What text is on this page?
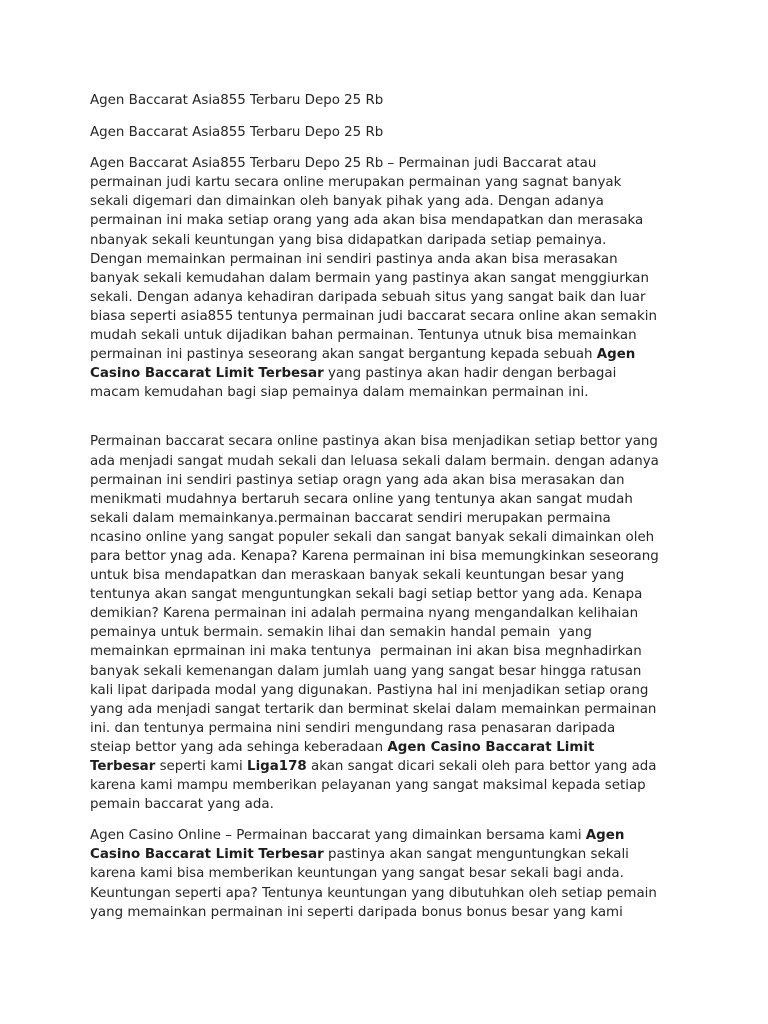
Agen Baccarat Asia855 Terbaru Depo 25 Rb

Agen Baccarat Asia855 Terbaru Depo 25 Rb

Agen Baccarat Asia855 Terbaru Depo 25 Rb – Permainan judi Baccarat atau

permainan judi kartu secara online merupakan permainan yang sagnat banyak

sekali digemari dan dimainkan oleh banyak pihak yang ada. Dengan adanya

permainan ini maka setiap orang yang ada akan bisa mendapatkan dan merasaka

nbanyak sekali keuntungan yang bisa didapatkan daripada setiap pemainya.

Dengan memainkan permainan ini sendiri pastinya anda akan bisa merasakan

banyak sekali kemudahan dalam bermain yang pastinya akan sangat menggiurkan

sekali. Dengan adanya kehadiran daripada sebuah situs yang sangat baik dan luar

biasa seperti asia855 tentunya permainan judi baccarat secara online akan semakin

mudah sekali untuk dijadikan bahan permainan. Tentunya utnuk bisa memainkan

permainan ini pastinya seseorang akan sangat bergantung kepada sebuah Agen

Casino Baccarat Limit Terbesar yang pastinya akan hadir dengan berbagai

macam kemudahan bagi siap pemainya dalam memainkan permainan ini.

Permainan baccarat secara online pastinya akan bisa menjadikan setiap bettor yang

ada menjadi sangat mudah sekali dan leluasa sekali dalam bermain. dengan adanya

permainan ini sendiri pastinya setiap oragn yang ada akan bisa merasakan dan

menikmati mudahnya bertaruh secara online yang tentunya akan sangat mudah

sekali dalam memainkanya.permainan baccarat sendiri merupakan permaina

ncasino online yang sangat populer sekali dan sangat banyak sekali dimainkan oleh

para bettor ynag ada. Kenapa? Karena permainan ini bisa memungkinkan seseorang

untuk bisa mendapatkan dan meraskaan banyak sekali keuntungan besar yang

tentunya akan sangat menguntungkan sekali bagi setiap bettor yang ada. Kenapa

demikian? Karena permainan ini adalah permaina nyang mengandalkan kelihaian

pemainya untuk bermain. semakin lihai dan semakin handal pemain  yang

memainkan eprmainan ini maka tentunya  permainan ini akan bisa megnhadirkan

banyak sekali kemenangan dalam jumlah uang yang sangat besar hingga ratusan

kali lipat daripada modal yang digunakan. Pastiyna hal ini menjadikan setiap orang

yang ada menjadi sangat tertarik dan berminat skelai dalam memainkan permainan

ini. dan tentunya permaina nini sendiri mengundang rasa penasaran daripada

steiap bettor yang ada sehinga keberadaan Agen Casino Baccarat Limit

Terbesar seperti kami Liga178 akan sangat dicari sekali oleh para bettor yang ada

karena kami mampu memberikan pelayanan yang sangat maksimal kepada setiap

pemain baccarat yang ada.

Agen Casino Online – Permainan baccarat yang dimainkan bersama kami Agen

Casino Baccarat Limit Terbesar pastinya akan sangat menguntungkan sekali

karena kami bisa memberikan keuntungan yang sangat besar sekali bagi anda.

Keuntungan seperti apa? Tentunya keuntungan yang dibutuhkan oleh setiap pemain

yang memainkan permainan ini seperti daripada bonus bonus besar yang kami
